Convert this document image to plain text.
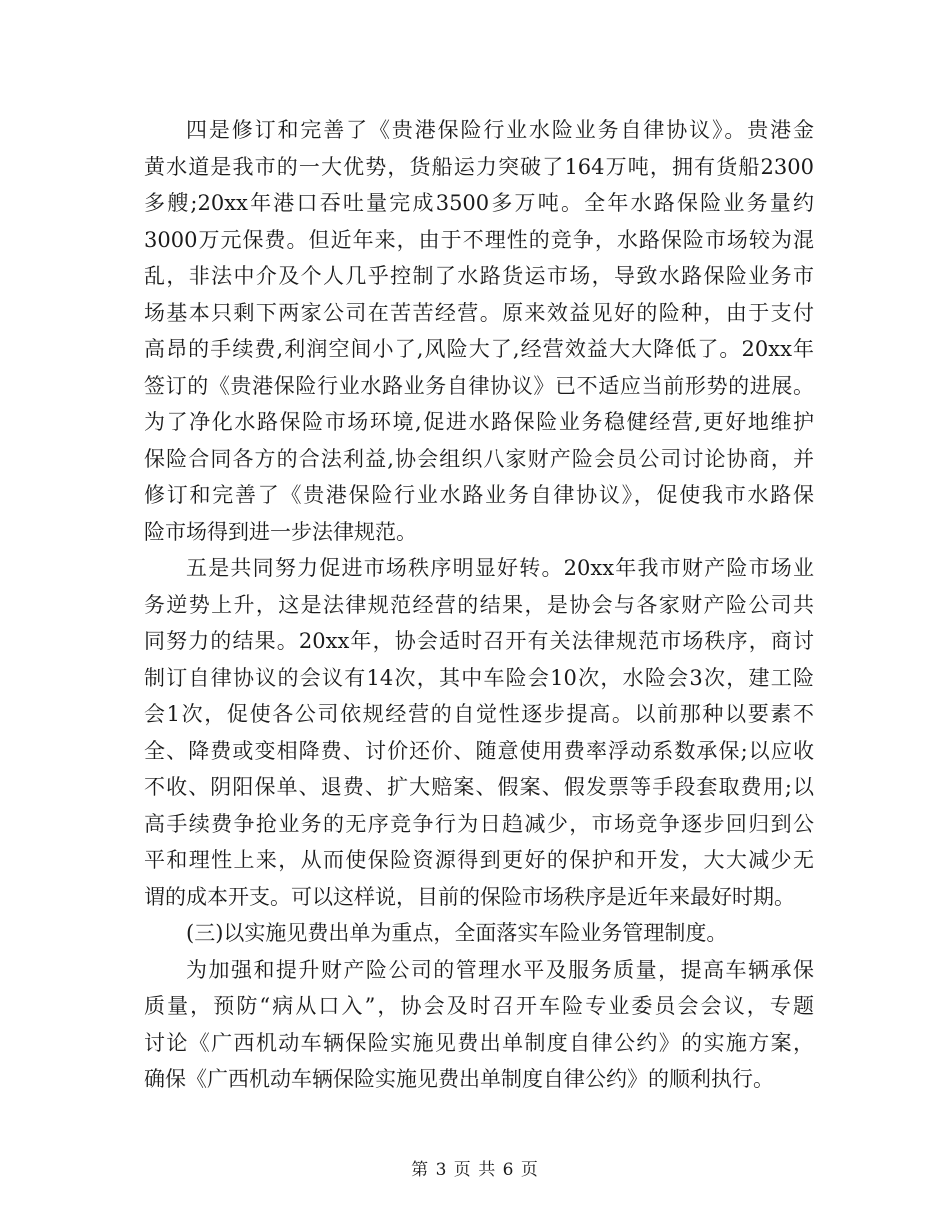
四是修订和完善了《贵港保险行业水险业务自律协议》。贵港金
黄水道是我市的一大优势，货船运力突破了164万吨，拥有货船2300
多艘;20xx年港口吞吐量完成3500多万吨。全年水路保险业务量约
3000万元保费。但近年来，由于不理性的竞争，水路保险市场较为混
乱，非法中介及个人几乎控制了水路货运市场，导致水路保险业务市
场基本只剩下两家公司在苦苦经营。原来效益见好的险种，由于支付
高昂的手续费,利润空间小了,风险大了,经营效益大大降低了。20xx年
签订的《贵港保险行业水路业务自律协议》已不适应当前形势的进展。
为了净化水路保险市场环境,促进水路保险业务稳健经营,更好地维护
保险合同各方的合法利益,协会组织八家财产险会员公司讨论协商，并
修订和完善了《贵港保险行业水路业务自律协议》，促使我市水路保
险市场得到进一步法律规范。
五是共同努力促进市场秩序明显好转。20xx年我市财产险市场业
务逆势上升，这是法律规范经营的结果，是协会与各家财产险公司共
同努力的结果。20xx年，协会适时召开有关法律规范市场秩序，商讨
制订自律协议的会议有14次，其中车险会10次，水险会3次，建工险
会1次，促使各公司依规经营的自觉性逐步提高。以前那种以要素不
全、降费或变相降费、讨价还价、随意使用费率浮动系数承保;以应收
不收、阴阳保单、退费、扩大赔案、假案、假发票等手段套取费用;以
高手续费争抢业务的无序竞争行为日趋减少，市场竞争逐步回归到公
平和理性上来，从而使保险资源得到更好的保护和开发，大大减少无
谓的成本开支。可以这样说，目前的保险市场秩序是近年来最好时期。
(三)以实施见费出单为重点，全面落实车险业务管理制度。
为加强和提升财产险公司的管理水平及服务质量，提高车辆承保
质量，预防“病从口入”，协会及时召开车险专业委员会会议，专题
讨论《广西机动车辆保险实施见费出单制度自律公约》的实施方案，
确保《广西机动车辆保险实施见费出单制度自律公约》的顺利执行。
第 3 页 共 6 页
